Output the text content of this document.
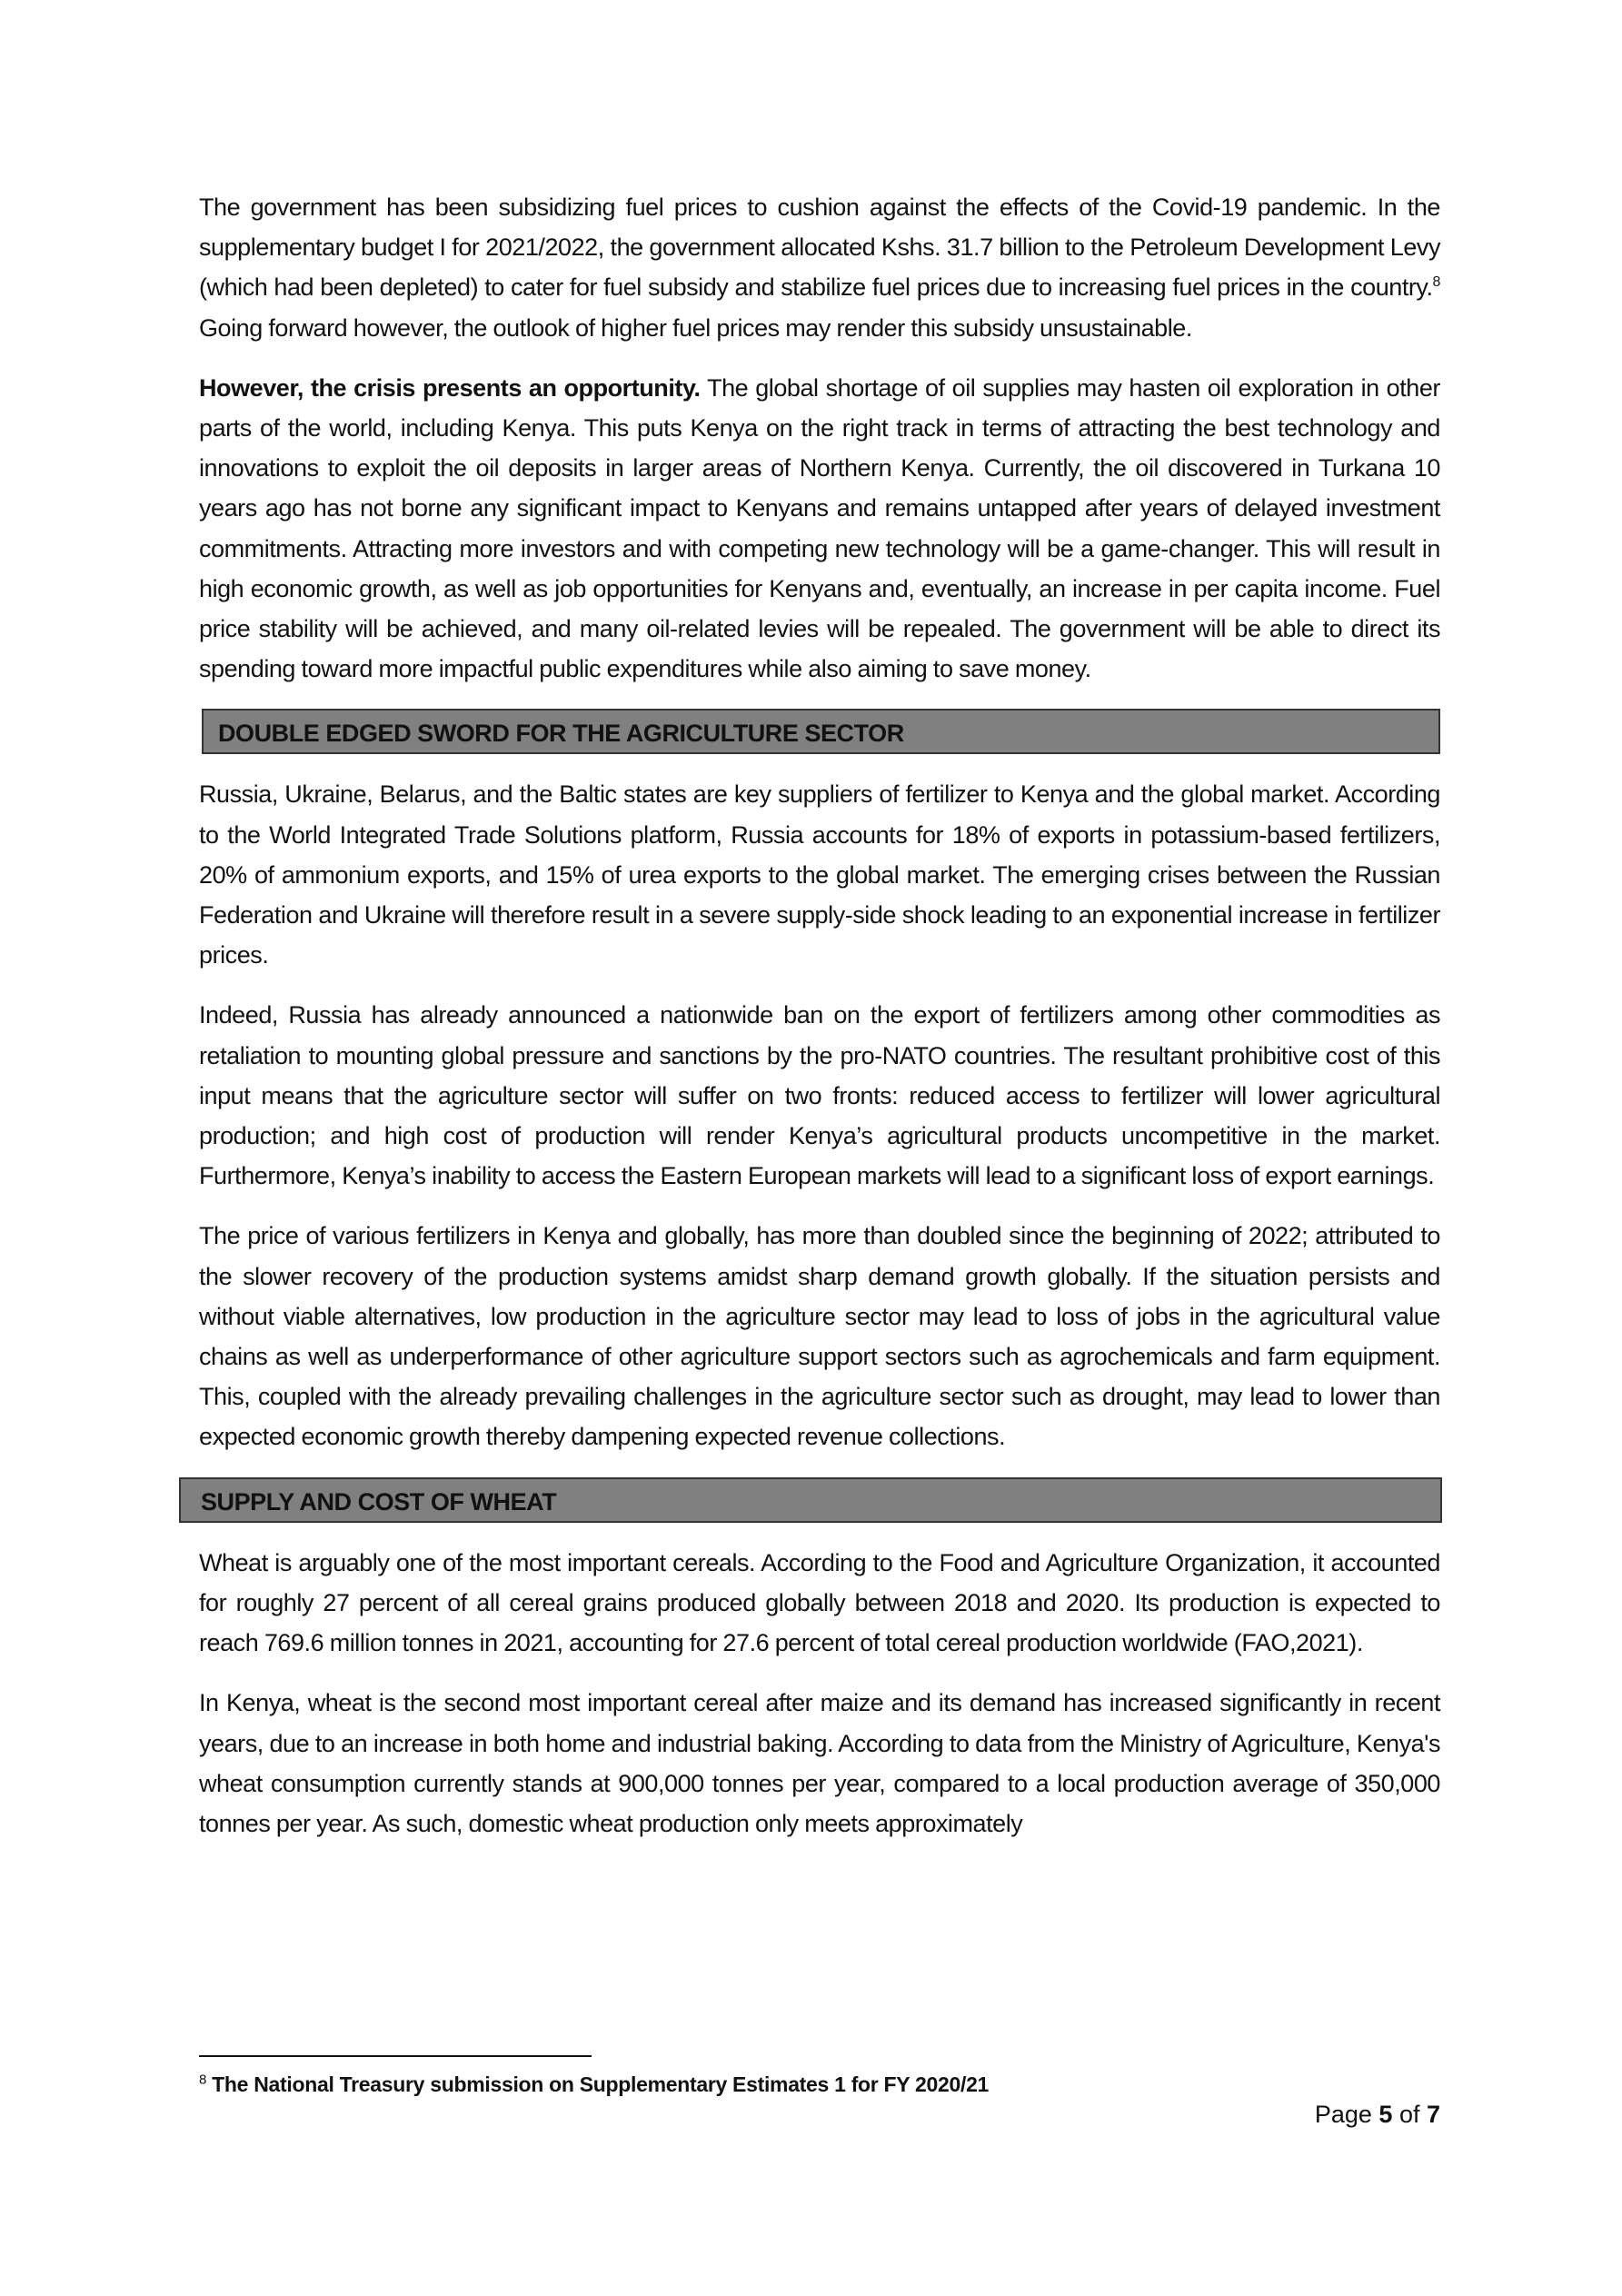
The government has been subsidizing fuel prices to cushion against the effects of the Covid-19 pandemic. In the supplementary budget I for 2021/2022, the government allocated Kshs. 31.7 billion to the Petroleum Development Levy (which had been depleted) to cater for fuel subsidy and stabilize fuel prices due to increasing fuel prices in the country.$^8$ Going forward however, the outlook of higher fuel prices may render this subsidy unsustainable.

However, the crisis presents an opportunity. The global shortage of oil supplies may hasten oil exploration in other parts of the world, including Kenya. This puts Kenya on the right track in terms of attracting the best technology and innovations to exploit the oil deposits in larger areas of Northern Kenya. Currently, the oil discovered in Turkana 10 years ago has not borne any significant impact to Kenyans and remains untapped after years of delayed investment commitments. Attracting more investors and with competing new technology will be a game-changer. This will result in high economic growth, as well as job opportunities for Kenyans and, eventually, an increase in per capita income. Fuel price stability will be achieved, and many oil-related levies will be repealed. The government will be able to direct its spending toward more impactful public expenditures while also aiming to save money.

DOUBLE EDGED SWORD FOR THE AGRICULTURE SECTOR

Russia, Ukraine, Belarus, and the Baltic states are key suppliers of fertilizer to Kenya and the global market. According to the World Integrated Trade Solutions platform, Russia accounts for 18% of exports in potassium-based fertilizers, 20% of ammonium exports, and 15% of urea exports to the global market. The emerging crises between the Russian Federation and Ukraine will therefore result in a severe supply-side shock leading to an exponential increase in fertilizer prices.

Indeed, Russia has already announced a nationwide ban on the export of fertilizers among other commodities as retaliation to mounting global pressure and sanctions by the pro-NATO countries. The resultant prohibitive cost of this input means that the agriculture sector will suffer on two fronts: reduced access to fertilizer will lower agricultural production; and high cost of production will render Kenya’s agricultural products uncompetitive in the market. Furthermore, Kenya’s inability to access the Eastern European markets will lead to a significant loss of export earnings.

The price of various fertilizers in Kenya and globally, has more than doubled since the beginning of 2022; attributed to the slower recovery of the production systems amidst sharp demand growth globally. If the situation persists and without viable alternatives, low production in the agriculture sector may lead to loss of jobs in the agricultural value chains as well as underperformance of other agriculture support sectors such as agrochemicals and farm equipment. This, coupled with the already prevailing challenges in the agriculture sector such as drought, may lead to lower than expected economic growth thereby dampening expected revenue collections.

SUPPLY AND COST OF WHEAT

Wheat is arguably one of the most important cereals. According to the Food and Agriculture Organization, it accounted for roughly 27 percent of all cereal grains produced globally between 2018 and 2020. Its production is expected to reach 769.6 million tonnes in 2021, accounting for 27.6 percent of total cereal production worldwide (FAO,2021).

In Kenya, wheat is the second most important cereal after maize and its demand has increased significantly in recent years, due to an increase in both home and industrial baking. According to data from the Ministry of Agriculture, Kenya's wheat consumption currently stands at 900,000 tonnes per year, compared to a local production average of 350,000 tonnes per year. As such, domestic wheat production only meets approximately

$^8$ The National Treasury submission on Supplementary Estimates 1 for FY 2020/21
Page 5 of 7
